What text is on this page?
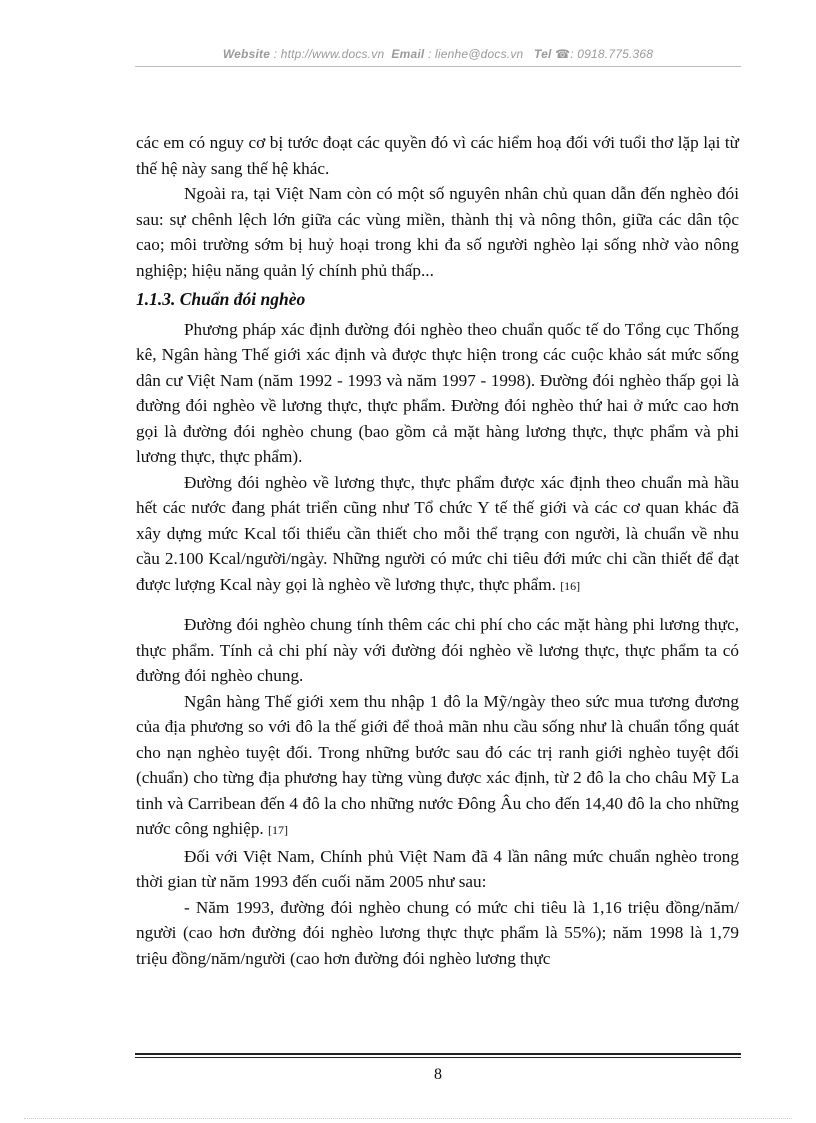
Website : http://www.docs.vn Email : lienhe@docs.vn Tel ☎: 0918.775.368

các em có nguy cơ bị tước đoạt các quyền đó vì các hiểm hoạ đối với tuổi thơ lặp lại từ thế hệ này sang thế hệ khác.

Ngoài ra, tại Việt Nam còn có một số nguyên nhân chủ quan dẫn đến nghèo đói sau: sự chênh lệch lớn giữa các vùng miền, thành thị và nông thôn, giữa các dân tộc cao; môi trường sớm bị huỷ hoại trong khi đa số người nghèo lại sống nhờ vào nông nghiệp; hiệu năng quản lý chính phủ thấp...

1.1.3. Chuẩn đói nghèo

Phương pháp xác định đường đói nghèo theo chuẩn quốc tế do Tổng cục Thống kê, Ngân hàng Thế giới xác định và được thực hiện trong các cuộc khảo sát mức sống dân cư Việt Nam (năm 1992 - 1993 và năm 1997 - 1998). Đường đói nghèo thấp gọi là đường đói nghèo về lương thực, thực phẩm. Đường đói nghèo thứ hai ở mức cao hơn gọi là đường đói nghèo chung (bao gồm cả mặt hàng lương thực, thực phẩm và phi lương thực, thực phẩm).

Đường đói nghèo về lương thực, thực phẩm được xác định theo chuẩn mà hầu hết các nước đang phát triển cũng như Tổ chức Y tế thế giới và các cơ quan khác đã xây dựng mức Kcal tối thiểu cần thiết cho mỗi thể trạng con người, là chuẩn về nhu cầu 2.100 Kcal/người/ngày. Những người có mức chi tiêu đới mức chi cần thiết để đạt được lượng Kcal này gọi là nghèo về lương thực, thực phẩm. [16]

Đường đói nghèo chung tính thêm các chi phí cho các mặt hàng phi lương thực, thực phẩm. Tính cả chi phí này với đường đói nghèo về lương thực, thực phẩm ta có đường đói nghèo chung.

Ngân hàng Thế giới xem thu nhập 1 đô la Mỹ/ngày theo sức mua tương đương của địa phương so với đô la thế giới để thoả mãn nhu cầu sống như là chuẩn tổng quát cho nạn nghèo tuyệt đối. Trong những bước sau đó các trị ranh giới nghèo tuyệt đối (chuẩn) cho từng địa phương hay từng vùng được xác định, từ 2 đô la cho châu Mỹ La tinh và Carribean đến 4 đô la cho những nước Đông Âu cho đến 14,40 đô la cho những nước công nghiệp. [17]

Đối với Việt Nam, Chính phủ Việt Nam đã 4 lần nâng mức chuẩn nghèo trong thời gian từ năm 1993 đến cuối năm 2005 như sau:

- Năm 1993, đường đói nghèo chung có mức chi tiêu là 1,16 triệu đồng/năm/ người (cao hơn đường đói nghèo lương thực thực phẩm là 55%); năm 1998 là 1,79 triệu đồng/năm/người (cao hơn đường đói nghèo lương thực

8
